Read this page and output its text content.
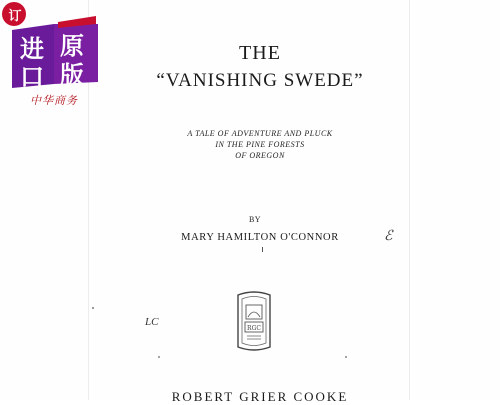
订
进 原
口 版
中华商务
THE
“VANISHING SWEDE”
A TALE OF ADVENTURE AND PLUCK
IN THE PINE FORESTS
OF OREGON
BY
MARY HAMILTON O'CONNOR	ℰ
LC
RGC
ROBERT GRIER COOKE
